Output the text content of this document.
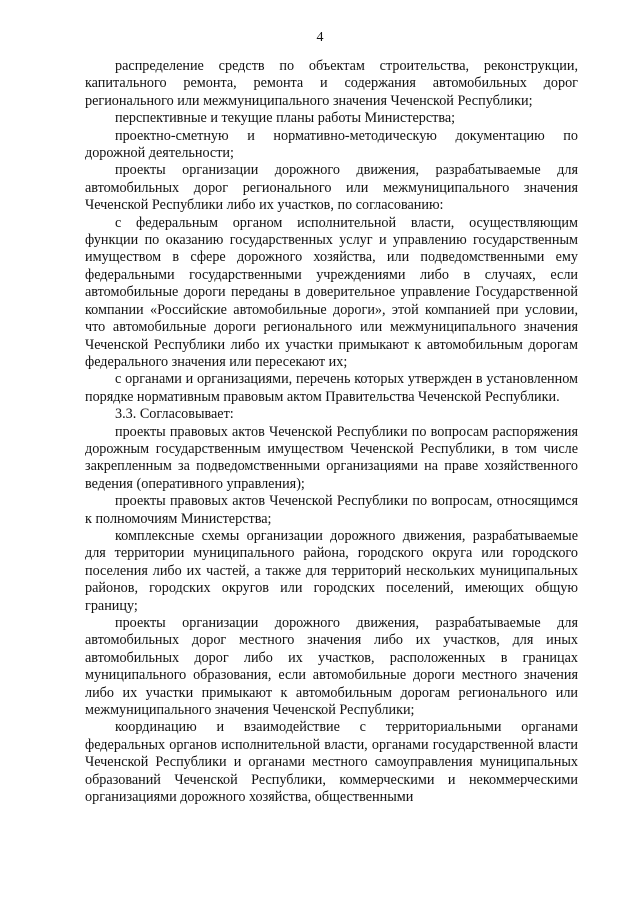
4

распределение средств по объектам строительства, реконструкции, капитального ремонта, ремонта и содержания автомобильных дорог регионального или межмуниципального значения Чеченской Республики;

перспективные и текущие планы работы Министерства;

проектно-сметную и нормативно-методическую документацию по дорожной деятельности;

проекты организации дорожного движения, разрабатываемые для автомобильных дорог регионального или межмуниципального значения Чеченской Республики либо их участков, по согласованию:

с федеральным органом исполнительной власти, осуществляющим функции по оказанию государственных услуг и управлению государственным имуществом в сфере дорожного хозяйства, или подведомственными ему федеральными государственными учреждениями либо в случаях, если автомобильные дороги переданы в доверительное управление Государственной компании «Российские автомобильные дороги», этой компанией при условии, что автомобильные дороги регионального или межмуниципального значения Чеченской Республики либо их участки примыкают к автомобильным дорогам федерального значения или пересекают их;

с органами и организациями, перечень которых утвержден в установленном порядке нормативным правовым актом Правительства Чеченской Республики.

3.3. Согласовывает:

проекты правовых актов Чеченской Республики по вопросам распоряжения дорожным государственным имуществом Чеченской Республики, в том числе закрепленным за подведомственными организациями на праве хозяйственного ведения (оперативного управления);

проекты правовых актов Чеченской Республики по вопросам, относящимся к полномочиям Министерства;

комплексные схемы организации дорожного движения, разрабатываемые для территории муниципального района, городского округа или городского поселения либо их частей, а также для территорий нескольких муниципальных районов, городских округов или городских поселений, имеющих общую границу;

проекты организации дорожного движения, разрабатываемые для автомобильных дорог местного значения либо их участков, для иных автомобильных дорог либо их участков, расположенных в границах муниципального образования, если автомобильные дороги местного значения либо их участки примыкают к автомобильным дорогам регионального или межмуниципального значения Чеченской Республики;

координацию и взаимодействие с территориальными органами федеральных органов исполнительной власти, органами государственной власти Чеченской Республики и органами местного самоуправления муниципальных образований Чеченской Республики, коммерческими и некоммерческими организациями дорожного хозяйства, общественными
